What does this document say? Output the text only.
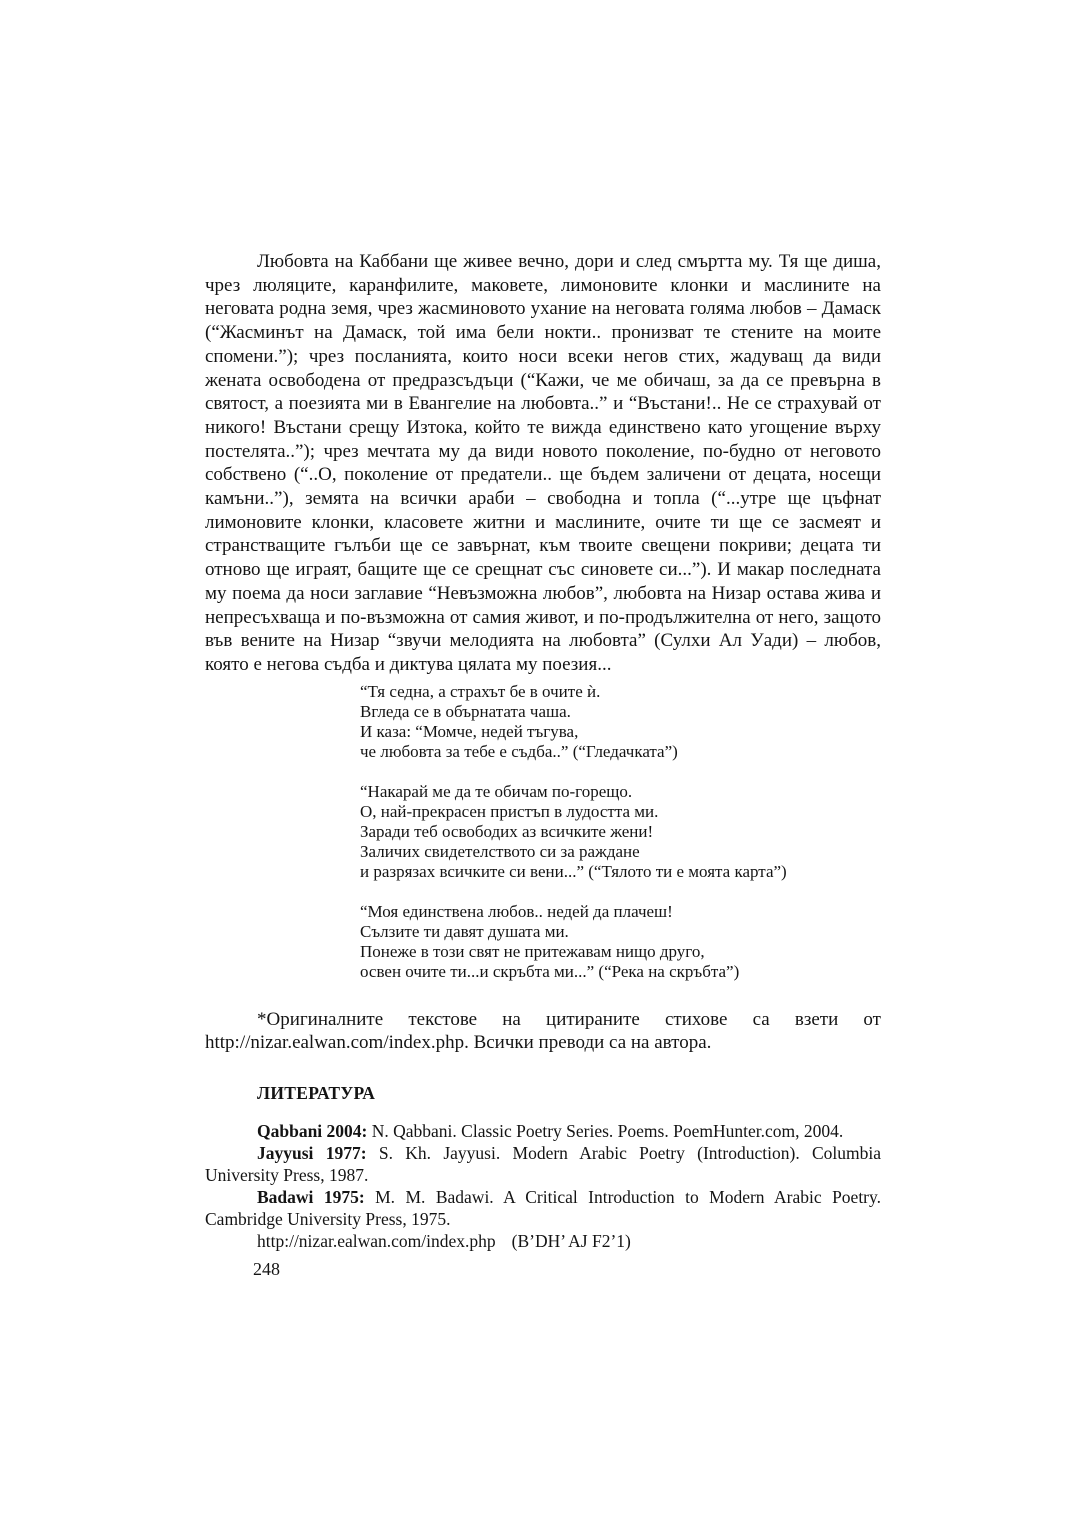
Любовта на Каббани ще живее вечно, дори и след смъртта му. Тя ще диша, чрез люляците, каранфилите, маковете, лимоновите клонки и маслините на неговата родна земя, чрез жасминовото ухание на неговата голяма любов – Дамаск (“Жасминът на Дамаск, той има бели нокти.. пронизват те стените на моите спомени.”); чрез посланията, които носи всеки негов стих, жадуващ да види жената освободена от предразсъдъци (“Кажи, че ме обичаш, за да се превърна в святост, а поезията ми в Евангелие на любовта..” и “Въстани!.. Не се страхувай от никого! Въстани срещу Изтока, който те вижда единствено като угощение върху постелята..”); чрез мечтата му да види новото поколение, по-будно от неговото собствено (“..О, поколение от предатели.. ще бъдем заличени от децата, носещи камъни..”), земята на всички араби – свободна и топла (“...утре ще цъфнат лимоновите клонки, класовете житни и маслините, очите ти ще се засмеят и странстващите гълъби ще се завърнат, към твоите свещени покриви; децата ти отново ще играят, бащите ще се срещнат със синовете си...”). И макар последната му поема да носи заглавие “Невъзможна любов”, любовта на Низар остава жива и непресъхваща и по-възможна от самия живот, и по-продължителна от него, защото във вените на Низар “звучи мелодията на любовта” (Сулхи Ал Уади) – любов, която е негова съдба и диктува цялата му поезия...

“Тя седна, а страхът бе в очите ѝ.
Вгледа се в обърнатата чаша.
И каза: “Момче, недей тъгува,
че любовта за тебе е съдба..” (“Гледачката”)
“Накарай ме да те обичам по-горещо.
О, най-прекрасен пристъп в лудостта ми.
Заради теб освободих аз всичките жени!
Заличих свидетелството си за раждане
и разрязах всичките си вени...” (“Тялото ти е моята карта”)
“Моя единствена любов.. недей да плачеш!
Сълзите ти давят душата ми.
Понеже в този свят не притежавам нищо друго,
освен очите ти...и скръбта ми...” (“Река на скръбта”)

*Оригиналните текстове на цитираните стихове са взети от http://nizar.ealwan.com/index.php. Всички преводи са на автора.

ЛИТЕРАТУРА

Qabbani 2004: N. Qabbani. Classic Poetry Series. Poems. PoemHunter.com, 2004.

Jayyusi 1977: S. Kh. Jayyusi. Modern Arabic Poetry (Introduction). Columbia University Press, 1987.

Badawi 1975: M. M. Badawi. A Critical Introduction to Modern Arabic Poetry. Cambridge University Press, 1975.

http://nizar.ealwan.com/index.php (B’DH’ AJ F2’1)

248
